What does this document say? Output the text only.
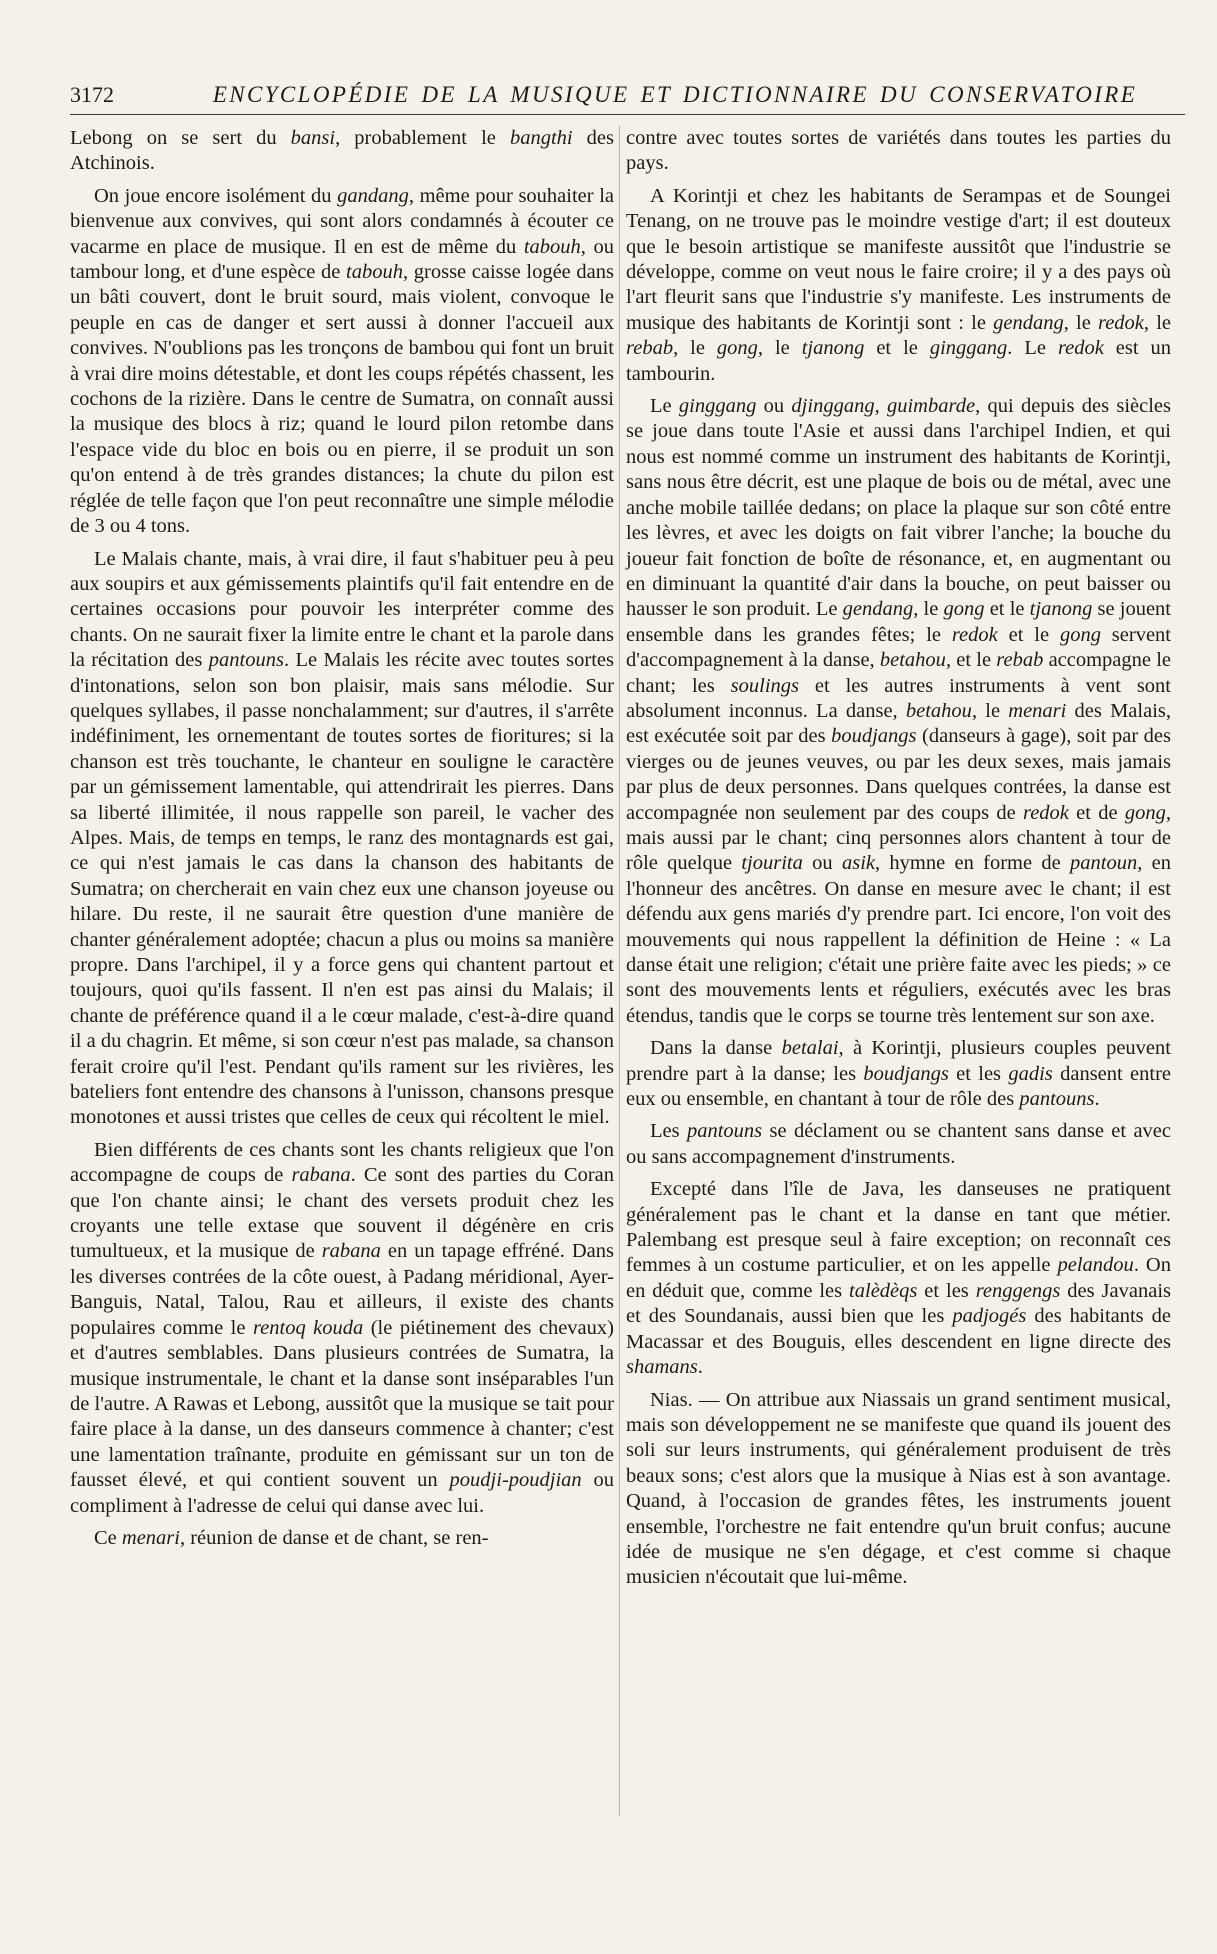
3172	ENCYCLOPÉDIE DE LA MUSIQUE ET DICTIONNAIRE DU CONSERVATOIRE

Lebong on se sert du bansi, probablement le bangthi des Atchinois.

On joue encore isolément du gandang, même pour souhaiter la bienvenue aux convives, qui sont alors condamnés à écouter ce vacarme en place de musique. Il en est de même du tabouh, ou tambour long, et d'une espèce de tabouh, grosse caisse logée dans un bâti couvert, dont le bruit sourd, mais violent, convoque le peuple en cas de danger et sert aussi à donner l'accueil aux convives. N'oublions pas les tronçons de bambou qui font un bruit à vrai dire moins détestable, et dont les coups répétés chassent, les cochons de la rizière. Dans le centre de Sumatra, on connaît aussi la musique des blocs à riz; quand le lourd pilon retombe dans l'espace vide du bloc en bois ou en pierre, il se produit un son qu'on entend à de très grandes distances; la chute du pilon est réglée de telle façon que l'on peut reconnaître une simple mélodie de 3 ou 4 tons.

Le Malais chante, mais, à vrai dire, il faut s'habituer peu à peu aux soupirs et aux gémissements plaintifs qu'il fait entendre en de certaines occasions pour pouvoir les interpréter comme des chants. On ne saurait fixer la limite entre le chant et la parole dans la récitation des pantouns. Le Malais les récite avec toutes sortes d'intonations, selon son bon plaisir, mais sans mélodie. Sur quelques syllabes, il passe nonchalamment; sur d'autres, il s'arrête indéfiniment, les ornementant de toutes sortes de fioritures; si la chanson est très touchante, le chanteur en souligne le caractère par un gémissement lamentable, qui attendrirait les pierres. Dans sa liberté illimitée, il nous rappelle son pareil, le vacher des Alpes. Mais, de temps en temps, le ranz des montagnards est gai, ce qui n'est jamais le cas dans la chanson des habitants de Sumatra; on chercherait en vain chez eux une chanson joyeuse ou hilare. Du reste, il ne saurait être question d'une manière de chanter généralement adoptée; chacun a plus ou moins sa manière propre. Dans l'archipel, il y a force gens qui chantent partout et toujours, quoi qu'ils fassent. Il n'en est pas ainsi du Malais; il chante de préférence quand il a le cœur malade, c'est-à-dire quand il a du chagrin. Et même, si son cœur n'est pas malade, sa chanson ferait croire qu'il l'est. Pendant qu'ils rament sur les rivières, les bateliers font entendre des chansons à l'unisson, chansons presque monotones et aussi tristes que celles de ceux qui récoltent le miel.

Bien différents de ces chants sont les chants religieux que l'on accompagne de coups de rabana. Ce sont des parties du Coran que l'on chante ainsi; le chant des versets produit chez les croyants une telle extase que souvent il dégénère en cris tumultueux, et la musique de rabana en un tapage effréné. Dans les diverses contrées de la côte ouest, à Padang méridional, Ayer-Banguis, Natal, Talou, Rau et ailleurs, il existe des chants populaires comme le rentoq kouda (le piétinement des chevaux) et d'autres semblables. Dans plusieurs contrées de Sumatra, la musique instrumentale, le chant et la danse sont inséparables l'un de l'autre. A Rawas et Lebong, aussitôt que la musique se tait pour faire place à la danse, un des danseurs commence à chanter; c'est une lamentation traînante, produite en gémissant sur un ton de fausset élevé, et qui contient souvent un poudji-poudjian ou compliment à l'adresse de celui qui danse avec lui.

Ce menari, réunion de danse et de chant, se ren-

contre avec toutes sortes de variétés dans toutes les parties du pays.

A Korintji et chez les habitants de Serampas et de Soungei Tenang, on ne trouve pas le moindre vestige d'art; il est douteux que le besoin artistique se manifeste aussitôt que l'industrie se développe, comme on veut nous le faire croire; il y a des pays où l'art fleurit sans que l'industrie s'y manifeste. Les instruments de musique des habitants de Korintji sont : le gendang, le redok, le rebab, le gong, le tjanong et le ginggang. Le redok est un tambourin.

Le ginggang ou djinggang, guimbarde, qui depuis des siècles se joue dans toute l'Asie et aussi dans l'archipel Indien, et qui nous est nommé comme un instrument des habitants de Korintji, sans nous être décrit, est une plaque de bois ou de métal, avec une anche mobile taillée dedans; on place la plaque sur son côté entre les lèvres, et avec les doigts on fait vibrer l'anche; la bouche du joueur fait fonction de boîte de résonance, et, en augmentant ou en diminuant la quantité d'air dans la bouche, on peut baisser ou hausser le son produit. Le gendang, le gong et le tjanong se jouent ensemble dans les grandes fêtes; le redok et le gong servent d'accompagnement à la danse, betahou, et le rebab accompagne le chant; les soulings et les autres instruments à vent sont absolument inconnus. La danse, betahou, le menari des Malais, est exécutée soit par des boudjangs (danseurs à gage), soit par des vierges ou de jeunes veuves, ou par les deux sexes, mais jamais par plus de deux personnes. Dans quelques contrées, la danse est accompagnée non seulement par des coups de redok et de gong, mais aussi par le chant; cinq personnes alors chantent à tour de rôle quelque tjourita ou asik, hymne en forme de pantoun, en l'honneur des ancêtres. On danse en mesure avec le chant; il est défendu aux gens mariés d'y prendre part. Ici encore, l'on voit des mouvements qui nous rappellent la définition de Heine : « La danse était une religion; c'était une prière faite avec les pieds; » ce sont des mouvements lents et réguliers, exécutés avec les bras étendus, tandis que le corps se tourne très lentement sur son axe.

Dans la danse betalai, à Korintji, plusieurs couples peuvent prendre part à la danse; les boudjangs et les gadis dansent entre eux ou ensemble, en chantant à tour de rôle des pantouns.

Les pantouns se déclament ou se chantent sans danse et avec ou sans accompagnement d'instruments.

Excepté dans l'île de Java, les danseuses ne pratiquent généralement pas le chant et la danse en tant que métier. Palembang est presque seul à faire exception; on reconnaît ces femmes à un costume particulier, et on les appelle pelandou. On en déduit que, comme les talèdèqs et les renggengs des Javanais et des Soundanais, aussi bien que les padjogés des habitants de Macassar et des Bouguis, elles descendent en ligne directe des shamans.

Nias. — On attribue aux Niassais un grand sentiment musical, mais son développement ne se manifeste que quand ils jouent des soli sur leurs instruments, qui généralement produisent de très beaux sons; c'est alors que la musique à Nias est à son avantage. Quand, à l'occasion de grandes fêtes, les instruments jouent ensemble, l'orchestre ne fait entendre qu'un bruit confus; aucune idée de musique ne s'en dégage, et c'est comme si chaque musicien n'écoutait que lui-même.
